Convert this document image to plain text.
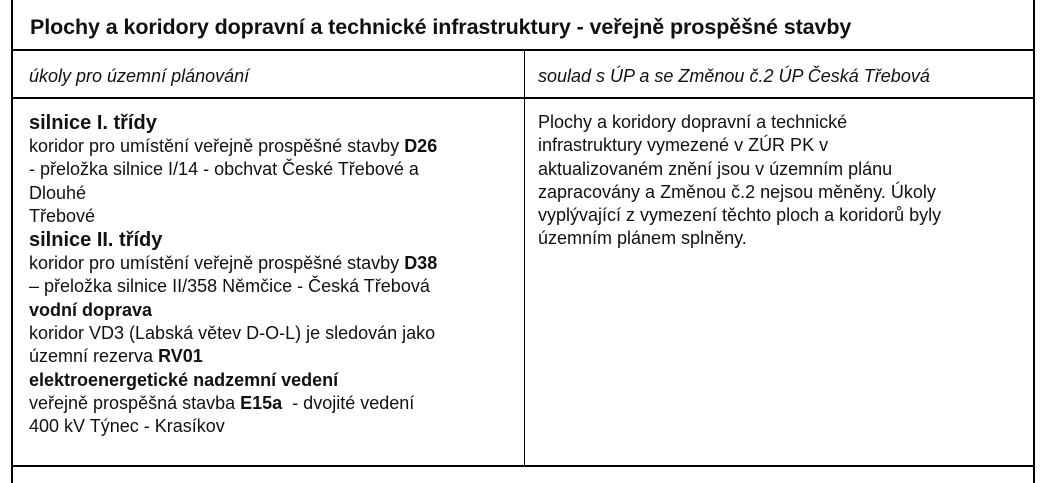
Plochy a koridory dopravní a technické infrastruktury - veřejně prospěšné stavby
úkoly pro územní plánování	soulad s ÚP a se Změnou č.2 ÚP Česká Třebová
silnice I. třídy
koridor pro umístění veřejně prospěšné stavby D26
- přeložka silnice I/14 - obchvat České Třebové a
Dlouhé
Třebové
silnice II. třídy
koridor pro umístění veřejně prospěšné stavby D38
– přeložka silnice II/358 Němčice - Česká Třebová
vodní doprava
koridor VD3 (Labská větev D-O-L) je sledován jako
územní rezerva RV01
elektroenergetické nadzemní vedení
veřejně prospěšná stavba E15a  - dvojité vedení
400 kV Týnec - Krasíkov
Plochy a koridory dopravní a technické
infrastruktury vymezené v ZÚR PK v
aktualizovaném znění jsou v územním plánu
zapracovány a Změnou č.2 nejsou měněny. Úkoly
vyplývající z vymezení těchto ploch a koridorů byly
územním plánem splněny.
